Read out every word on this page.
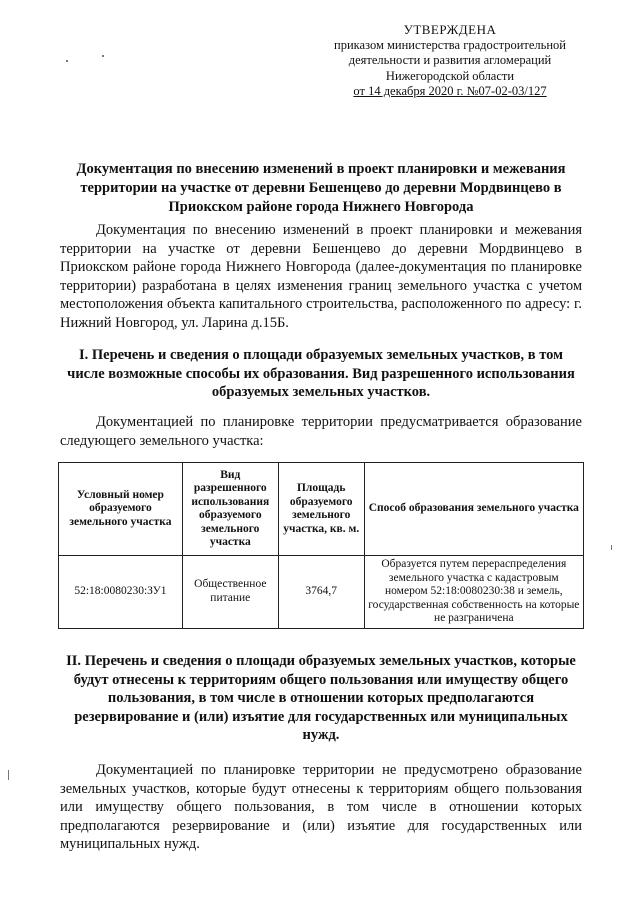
УТВЕРЖДЕНА
приказом министерства градостроительной
деятельности и развития агломераций
Нижегородской области
от 14 декабря 2020 г. №07-02-03/127
Документация по внесению изменений в проект планировки и межевания территории на участке от деревни Бешенцево до деревни Мордвинцево в Приокском районе города Нижнего Новгорода
Документация по внесению изменений в проект планировки и межевания территории на участке от деревни Бешенцево до деревни Мордвинцево в Приокском районе города Нижнего Новгорода (далее-документация по планировке территории) разработана в целях изменения границ земельного участка с учетом местоположения объекта капитального строительства, расположенного по адресу: г. Нижний Новгород, ул. Ларина д.15Б.
I. Перечень и сведения о площади образуемых земельных участков, в том числе возможные способы их образования. Вид разрешенного использования образуемых земельных участков.
Документацией по планировке территории предусматривается образование следующего земельного участка:
Условный номер образуемого земельного участка	Вид разрешенного использования образуемого земельного участка	Площадь образуемого земельного участка, кв. м.	Способ образования земельного участка
52:18:0080230:ЗУ1	Общественное питание	3764,7	Образуется путем перераспределения земельного участка с кадастровым номером 52:18:0080230:38 и земель, государственная собственность на которые не разграничена
II. Перечень и сведения о площади образуемых земельных участков, которые будут отнесены к территориям общего пользования или имуществу общего пользования, в том числе в отношении которых предполагаются резервирование и (или) изъятие для государственных или муниципальных нужд.
Документацией по планировке территории не предусмотрено образование земельных участков, которые будут отнесены к территориям общего пользования или имуществу общего пользования, в том числе в отношении которых предполагаются резервирование и (или) изъятие для государственных или муниципальных нужд.
